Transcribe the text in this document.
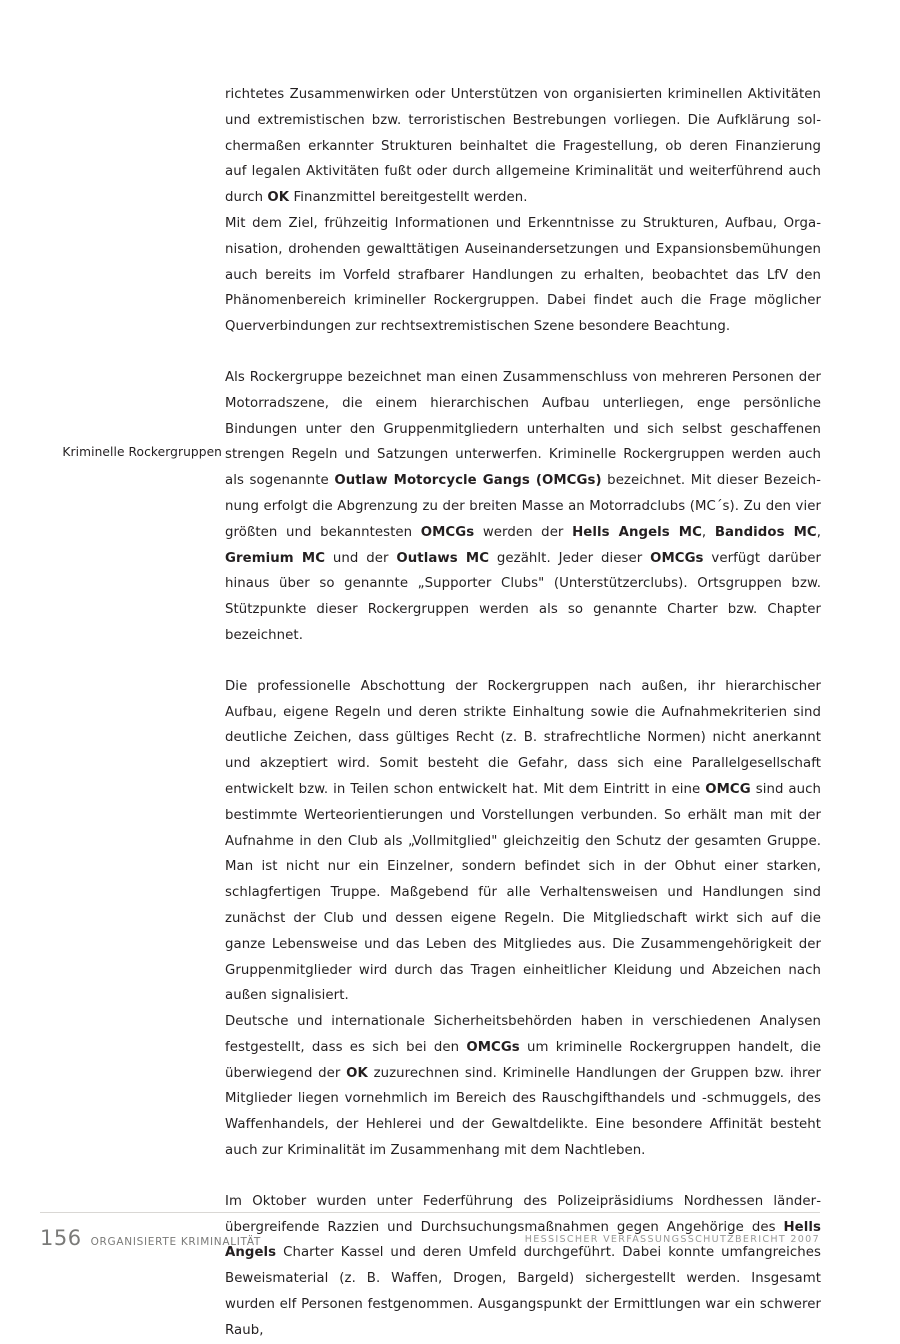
Kriminelle Rockergruppen

richtetes Zusammenwirken oder Unterstützen von organisierten kriminellen Aktivitäten und extremistischen bzw. terroristischen Bestrebungen vorliegen. Die Aufklärung solchermaßen erkannter Strukturen beinhaltet die Fragestellung, ob deren Finanzierung auf legalen Aktivitäten fußt oder durch allgemeine Kriminalität und weiterführend auch durch OK Finanzmittel bereitgestellt werden.

Mit dem Ziel, frühzeitig Informationen und Erkenntnisse zu Strukturen, Aufbau, Organisation, drohenden gewalttätigen Auseinandersetzungen und Expansionsbemühungen auch bereits im Vorfeld strafbarer Handlungen zu erhalten, beobachtet das LfV den Phänomenbereich krimineller Rockergruppen. Dabei findet auch die Frage möglicher Querverbindungen zur rechtsextremistischen Szene besondere Beachtung.

Als Rockergruppe bezeichnet man einen Zusammenschluss von mehreren Personen der Motorradszene, die einem hierarchischen Aufbau unterliegen, enge persönliche Bindungen unter den Gruppenmitgliedern unterhalten und sich selbst geschaffenen strengen Regeln und Satzungen unterwerfen. Kriminelle Rockergruppen werden auch als sogenannte Outlaw Motorcycle Gangs (OMCGs) bezeichnet. Mit dieser Bezeichnung erfolgt die Abgrenzung zu der breiten Masse an Motorradclubs (MC´s). Zu den vier größten und bekanntesten OMCGs werden der Hells Angels MC, Bandidos MC, Gremium MC und der Outlaws MC gezählt. Jeder dieser OMCGs verfügt darüber hinaus über so genannte „Supporter Clubs" (Unterstützerclubs). Ortsgruppen bzw. Stützpunkte dieser Rockergruppen werden als so genannte Charter bzw. Chapter bezeichnet.

Die professionelle Abschottung der Rockergruppen nach außen, ihr hierarchischer Aufbau, eigene Regeln und deren strikte Einhaltung sowie die Aufnahmekriterien sind deutliche Zeichen, dass gültiges Recht (z. B. strafrechtliche Normen) nicht anerkannt und akzeptiert wird. Somit besteht die Gefahr, dass sich eine Parallelgesellschaft entwickelt bzw. in Teilen schon entwickelt hat. Mit dem Eintritt in eine OMCG sind auch bestimmte Werteorientierungen und Vorstellungen verbunden. So erhält man mit der Aufnahme in den Club als „Vollmitglied" gleichzeitig den Schutz der gesamten Gruppe. Man ist nicht nur ein Einzelner, sondern befindet sich in der Obhut einer starken, schlagfertigen Truppe. Maßgebend für alle Verhaltensweisen und Handlungen sind zunächst der Club und dessen eigene Regeln. Die Mitgliedschaft wirkt sich auf die ganze Lebensweise und das Leben des Mitgliedes aus. Die Zusammengehörigkeit der Gruppenmitglieder wird durch das Tragen einheitlicher Kleidung und Abzeichen nach außen signalisiert.

Deutsche und internationale Sicherheitsbehörden haben in verschiedenen Analysen festgestellt, dass es sich bei den OMCGs um kriminelle Rockergruppen handelt, die überwiegend der OK zuzurechnen sind. Kriminelle Handlungen der Gruppen bzw. ihrer Mitglieder liegen vornehmlich im Bereich des Rauschgifthandels und -schmuggels, des Waffenhandels, der Hehlerei und der Gewaltdelikte. Eine besondere Affinität besteht auch zur Kriminalität im Zusammenhang mit dem Nachtleben.

Im Oktober wurden unter Federführung des Polizeipräsidiums Nordhessen länderübergreifende Razzien und Durchsuchungsmaßnahmen gegen Angehörige des Hells Angels Charter Kassel und deren Umfeld durchgeführt. Dabei konnte umfangreiches Beweismaterial (z. B. Waffen, Drogen, Bargeld) sichergestellt werden. Insgesamt wurden elf Personen festgenommen. Ausgangspunkt der Ermittlungen war ein schwerer Raub,

156 ORGANISIERTE KRIMINALITÄT	HESSISCHER VERFASSUNGSSCHUTZBERICHT 2007
